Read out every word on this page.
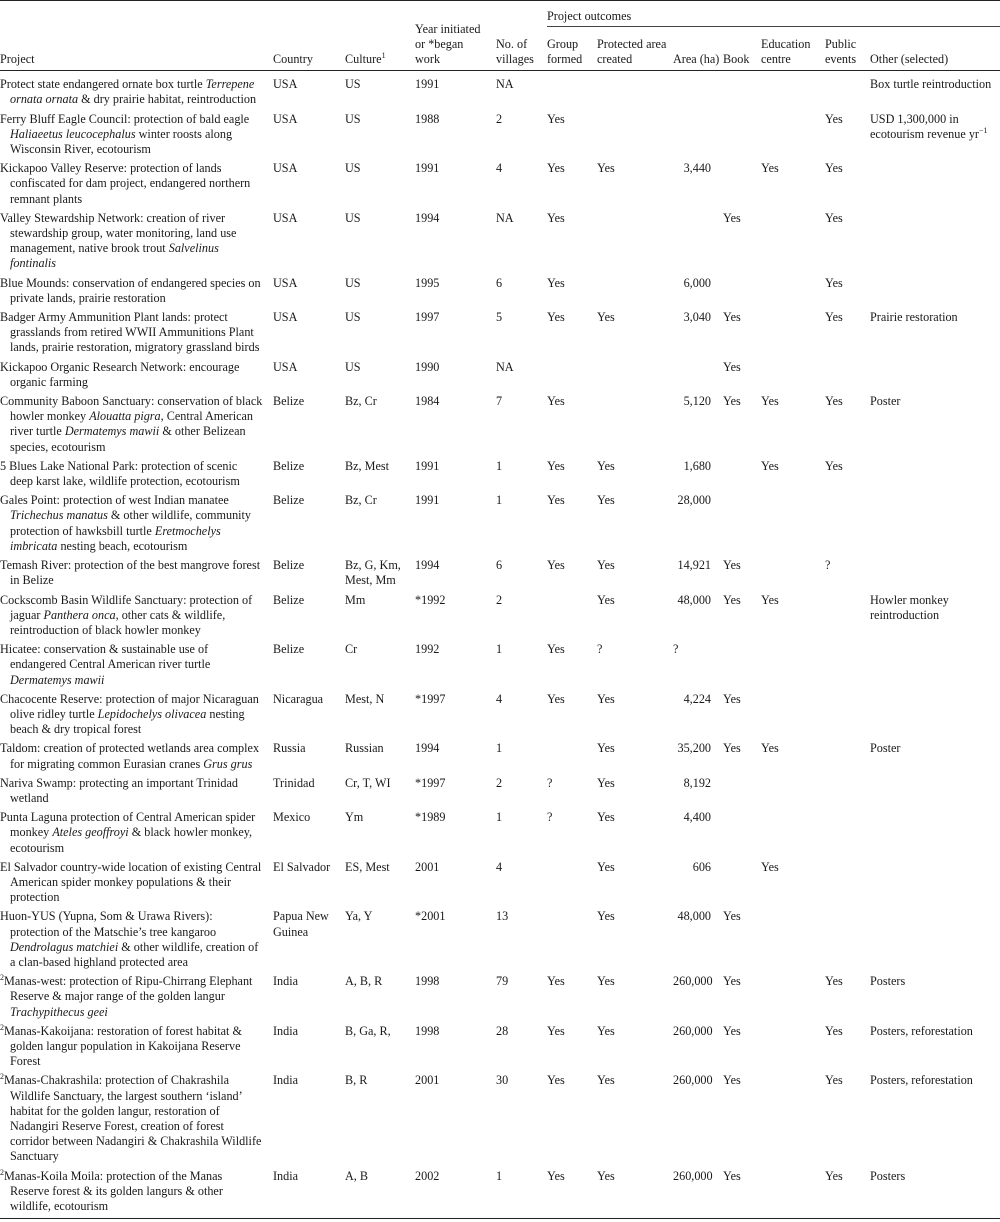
Project	Country	Culture$^1$	Year initiated or *began work	No. of villages	Project outcomes						
					Group formed	Protected area created	Area (ha)	Book	Education centre	Public events	Other (selected)

Protect state endangered ornate box turtle Terrepene ornata ornata & dry prairie habitat, reintroduction	USA	US	1991	NA							Box turtle reintroduction

Ferry Bluff Eagle Council: protection of bald eagle Haliaeetus leucocephalus winter roosts along Wisconsin River, ecotourism	USA	US	1988	2	Yes					Yes	USD 1,300,000 in ecotourism revenue $yr^{-1}$

Kickapoo Valley Reserve: protection of lands confiscated for dam project, endangered northern remnant plants	USA	US	1991	4	Yes	Yes	3,440		Yes	Yes	

Valley Stewardship Network: creation of river stewardship group, water monitoring, land use management, native brook trout Salvelinus fontinalis	USA	US	1994	NA	Yes			Yes		Yes	

Blue Mounds: conservation of endangered species on private lands, prairie restoration	USA	US	1995	6	Yes		6,000			Yes	

Badger Army Ammunition Plant lands: protect grasslands from retired WWII Ammunitions Plant lands, prairie restoration, migratory grassland birds	USA	US	1997	5	Yes	Yes	3,040	Yes		Yes	Prairie restoration

Kickapoo Organic Research Network: encourage organic farming	USA	US	1990	NA				Yes			

Community Baboon Sanctuary: conservation of black howler monkey Alouatta pigra, Central American river turtle Dermatemys mawii & other Belizean species, ecotourism	Belize	Bz, Cr	1984	7	Yes		5,120	Yes	Yes	Yes	Poster

5 Blues Lake National Park: protection of scenic deep karst lake, wildlife protection, ecotourism	Belize	Bz, Mest	1991	1	Yes	Yes	1,680		Yes	Yes	

Gales Point: protection of west Indian manatee Trichechus manatus & other wildlife, community protection of hawksbill turtle Eretmochelys imbricata nesting beach, ecotourism	Belize	Bz, Cr	1991	1	Yes	Yes	28,000				

Temash River: protection of the best mangrove forest in Belize	Belize	Bz, G, Km, Mest, Mm	1994	6	Yes	Yes	14,921	Yes		?	

Cockscomb Basin Wildlife Sanctuary: protection of jaguar Panthera onca, other cats & wildlife, reintroduction of black howler monkey	Belize	Mm	*1992	2		Yes	48,000	Yes	Yes		Howler monkey reintroduction

Hicatee: conservation & sustainable use of endangered Central American river turtle Dermatemys mawii	Belize	Cr	1992	1	Yes	?	?				

Chacocente Reserve: protection of major Nicaraguan olive ridley turtle Lepidochelys olivacea nesting beach & dry tropical forest	Nicaragua	Mest, N	*1997	4	Yes	Yes	4,224	Yes			

Taldom: creation of protected wetlands area complex for migrating common Eurasian cranes Grus grus	Russia	Russian	1994	1		Yes	35,200	Yes	Yes		Poster

Nariva Swamp: protecting an important Trinidad wetland	Trinidad	Cr, T, WI	*1997	2	?	Yes	8,192				

Punta Laguna protection of Central American spider monkey Ateles geoffroyi & black howler monkey, ecotourism	Mexico	Ym	*1989	1	?	Yes	4,400				

El Salvador country-wide location of existing Central American spider monkey populations & their protection	El Salvador	ES, Mest	2001	4		Yes	606		Yes		

Huon-YUS (Yupna, Som & Urawa Rivers): protection of the Matschie’s tree kangaroo Dendrolagus matchiei & other wildlife, creation of a clan-based highland protected area	Papua New Guinea	Ya, Y	*2001	13		Yes	48,000	Yes			

$^2$Manas-west: protection of Ripu-Chirrang Elephant Reserve & major range of the golden langur Trachypithecus geei	India	A, B, R	1998	79	Yes	Yes	260,000	Yes		Yes	Posters

$^2$Manas-Kakoijana: restoration of forest habitat & golden langur population in Kakoijana Reserve Forest	India	B, Ga, R,	1998	28	Yes	Yes	260,000	Yes		Yes	Posters, reforestation

$^2$Manas-Chakrashila: protection of Chakrashila Wildlife Sanctuary, the largest southern ‘island’ habitat for the golden langur, restoration of Nadangiri Reserve Forest, creation of forest corridor between Nadangiri & Chakrashila Wildlife Sanctuary	India	B, R	2001	30	Yes	Yes	260,000	Yes		Yes	Posters, reforestation

$^2$Manas-Koila Moila: protection of the Manas Reserve forest & its golden langurs & other wildlife, ecotourism	India	A, B	2002	1	Yes	Yes	260,000	Yes		Yes	Posters
